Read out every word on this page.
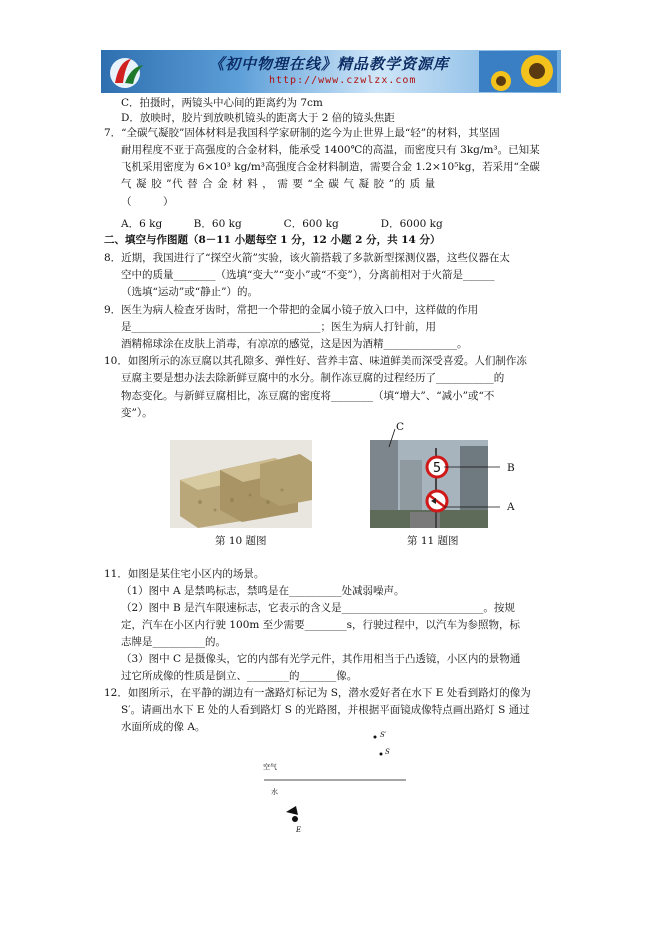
《初中物理在线》精品教学资源库
http://www.czwlzx.com
C．拍摄时，两镜头中心间的距离约为 7cm
D．放映时，胶片到放映机镜头的距离大于 2 倍的镜头焦距
7．“全碳气凝胶”固体材料是我国科学家研制的迄今为止世界上最“轻”的材料，其坚固
耐用程度不亚于高强度的合金材料，能承受 1400℃的高温，而密度只有 3kg/m³。已知某
飞机采用密度为 6×10³ kg/m³高强度合金材料制造，需要合金 1.2×10⁵kg，若采用“全碳
气 凝 胶 ”代 替 合 金 材 料 ， 需 要 “全 碳 气 凝 胶 ”的 质 量
（　　　）
A．6 kg　　　B．60 kg　　　　C．600 kg　　　　D．6000 kg
二、填空与作图题（8－11 小题每空 1 分，12 小题 2 分，共 14 分）
8．近期，我国进行了“探空火箭”实验，该火箭搭载了多款新型探测仪器，这些仪器在太
空中的质量________（选填“变大”“变小”或“不变”），分离前相对于火箭是______
（选填“运动”或“静止”）的。
9．医生为病人检查牙齿时，常把一个带把的金属小镜子放入口中，这样做的作用
是____________________________________；医生为病人打针前，用
酒精棉球涂在皮肤上消毒，有凉凉的感觉，这是因为酒精______________。
10．如图所示的冻豆腐以其孔隙多、弹性好、营养丰富、味道鲜美而深受喜爱。人们制作冻
豆腐主要是想办法去除新鲜豆腐中的水分。制作冻豆腐的过程经历了___________的
物态变化。与新鲜豆腐相比，冻豆腐的密度将________（填“增大”、“减小”或“不
变”）。
第 10 题图
C
5	B
A
第 11 题图
11．如图是某住宅小区内的场景。
（1）图中 A 是禁鸣标志，禁鸣是在__________处减弱噪声。
（2）图中 B 是汽车限速标志，它表示的含义是___________________________。按规
定，汽车在小区内行驶 100m 至少需要________s，行驶过程中，以汽车为参照物，标
志牌是__________的。
（3）图中 C 是摄像头，它的内部有光学元件，其作用相当于凸透镜，小区内的景物通
过它所成像的性质是倒立、________的_______像。
12．如图所示，在平静的湖边有一盏路灯标记为 S，潜水爱好者在水下 E 处看到路灯的像为
S′。请画出水下 E 处的人看到路灯 S 的光路图，并根据平面镜成像特点画出路灯 S 通过
水面所成的像 A。
S′
S
空气
水
E
